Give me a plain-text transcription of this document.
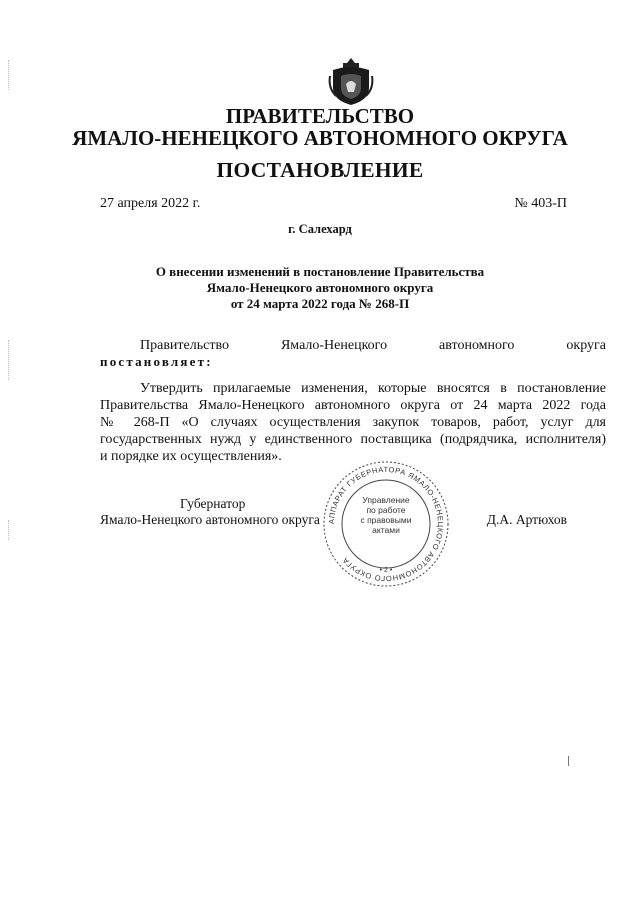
ПРАВИТЕЛЬСТВО
ЯМАЛО-НЕНЕЦКОГО АВТОНОМНОГО ОКРУГА
ПОСТАНОВЛЕНИЕ
27 апреля 2022 г.	№ 403-П
г. Салехард
О внесении изменений в постановление Правительства
Ямало-Ненецкого автономного округа
от 24 марта 2022 года № 268-П
Правительство	Ямало-Ненецкого	автономного	округа
постановляет:
Утвердить прилагаемые изменения, которые вносятся в постановление
Правительства Ямало-Ненецкого автономного округа от 24 марта 2022 года
№ 268-П «О случаях осуществления закупок товаров, работ, услуг для
государственных нужд у единственного поставщика (подрядчика, исполнителя)
и порядке их осуществления».
АППАРАТ ГУБЕРНАТОРА ЯМАЛО-НЕНЕЦКОГО АВТОНОМНОГО ОКРУГА
• 2 •
Управление
по работе
с правовыми
актами
Губернатор
Ямало-Ненецкого автономного округа	Д.А. Артюхов
